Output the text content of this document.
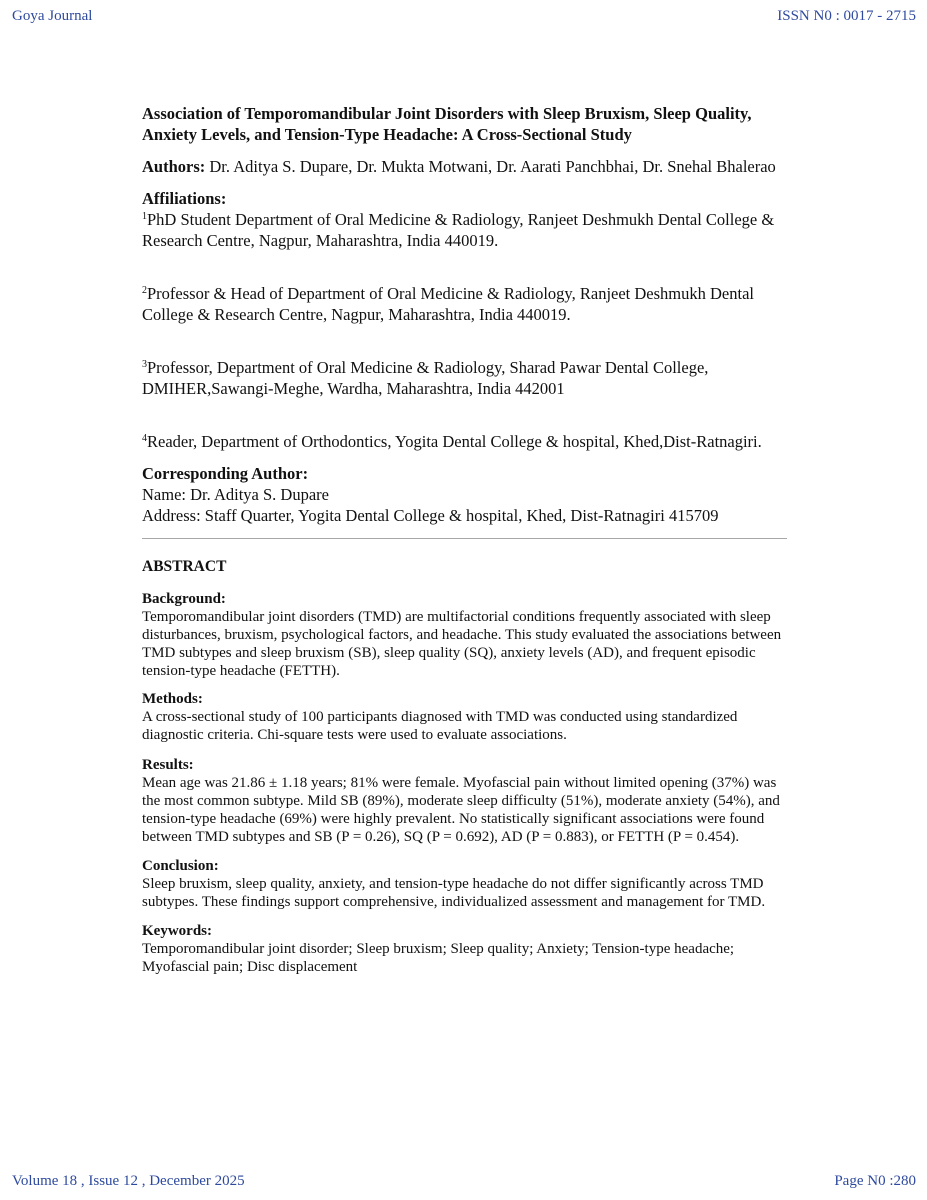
Goya Journal	ISSN N0 : 0017 - 2715

Association of Temporomandibular Joint Disorders with Sleep Bruxism, Sleep Quality, Anxiety Levels, and Tension-Type Headache: A Cross-Sectional Study

Authors: Dr. Aditya S. Dupare, Dr. Mukta Motwani, Dr. Aarati Panchbhai, Dr. Snehal Bhalerao

Affiliations:

$^1$PhD Student Department of Oral Medicine & Radiology, Ranjeet Deshmukh Dental College & Research Centre, Nagpur, Maharashtra, India 440019.

$^2$Professor & Head of Department of Oral Medicine & Radiology, Ranjeet Deshmukh Dental College & Research Centre, Nagpur, Maharashtra, India 440019.

$^3$Professor, Department of Oral Medicine & Radiology, Sharad Pawar Dental College, DMIHER,Sawangi-Meghe, Wardha, Maharashtra, India 442001

$^4$Reader, Department of Orthodontics, Yogita Dental College & hospital, Khed,Dist-Ratnagiri.

Corresponding Author:

Name: Dr. Aditya S. Dupare

Address: Staff Quarter, Yogita Dental College & hospital, Khed, Dist-Ratnagiri 415709

ABSTRACT

Background:

Temporomandibular joint disorders (TMD) are multifactorial conditions frequently associated with sleep disturbances, bruxism, psychological factors, and headache. This study evaluated the associations between TMD subtypes and sleep bruxism (SB), sleep quality (SQ), anxiety levels (AD), and frequent episodic tension-type headache (FETTH).

Methods:

A cross-sectional study of 100 participants diagnosed with TMD was conducted using standardized diagnostic criteria. Chi-square tests were used to evaluate associations.

Results:

Mean age was 21.86 ± 1.18 years; 81% were female. Myofascial pain without limited opening (37%) was the most common subtype. Mild SB (89%), moderate sleep difficulty (51%), moderate anxiety (54%), and tension-type headache (69%) were highly prevalent. No statistically significant associations were found between TMD subtypes and SB (P = 0.26), SQ (P = 0.692), AD (P = 0.883), or FETTH (P = 0.454).

Conclusion:

Sleep bruxism, sleep quality, anxiety, and tension-type headache do not differ significantly across TMD subtypes. These findings support comprehensive, individualized assessment and management for TMD.

Keywords:

Temporomandibular joint disorder; Sleep bruxism; Sleep quality; Anxiety; Tension-type headache; Myofascial pain; Disc displacement

Volume 18 , Issue 12 , December 2025	Page N0 :280
